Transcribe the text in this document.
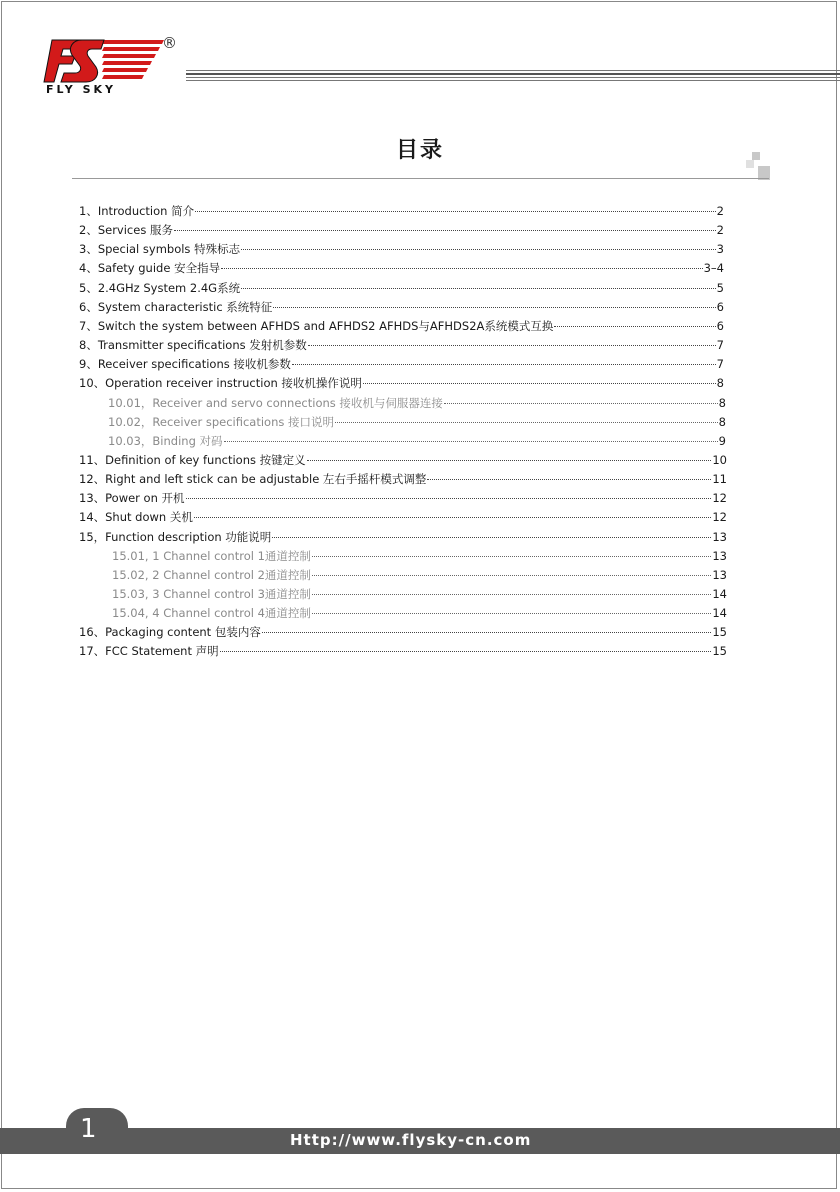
FLY SKY
®
目录
1、Introduction 简介	2
2、Services 服务	2
3、Special symbols 特殊标志	3
4、Safety guide 安全指导	3–4
5、2.4GHz System 2.4G系统	5
6、System characteristic 系统特征	6
7、Switch the system between AFHDS and AFHDS2 AFHDS与AFHDS2A系统模式互换	6
8、Transmitter specifications 发射机参数	7
9、Receiver specifications 接收机参数	7
10、Operation receiver instruction 接收机操作说明	8
10.01，Receiver and servo connections 接收机与伺服器连接	8
10.02，Receiver specifications 接口说明	8
10.03，Binding 对码	9
11、Definition of key functions 按键定义	10
12、Right and left stick can be adjustable 左右手摇杆模式调整	11
13、Power on 开机	12
14、Shut down 关机	12
15，Function description 功能说明	13
15.01, 1 Channel control 1通道控制	13
15.02, 2 Channel control 2通道控制	13
15.03, 3 Channel control 3通道控制	14
15.04, 4 Channel control 4通道控制	14
16、Packaging content 包装内容	15
17、FCC Statement 声明	15
1	Http://www.flysky-cn.com
